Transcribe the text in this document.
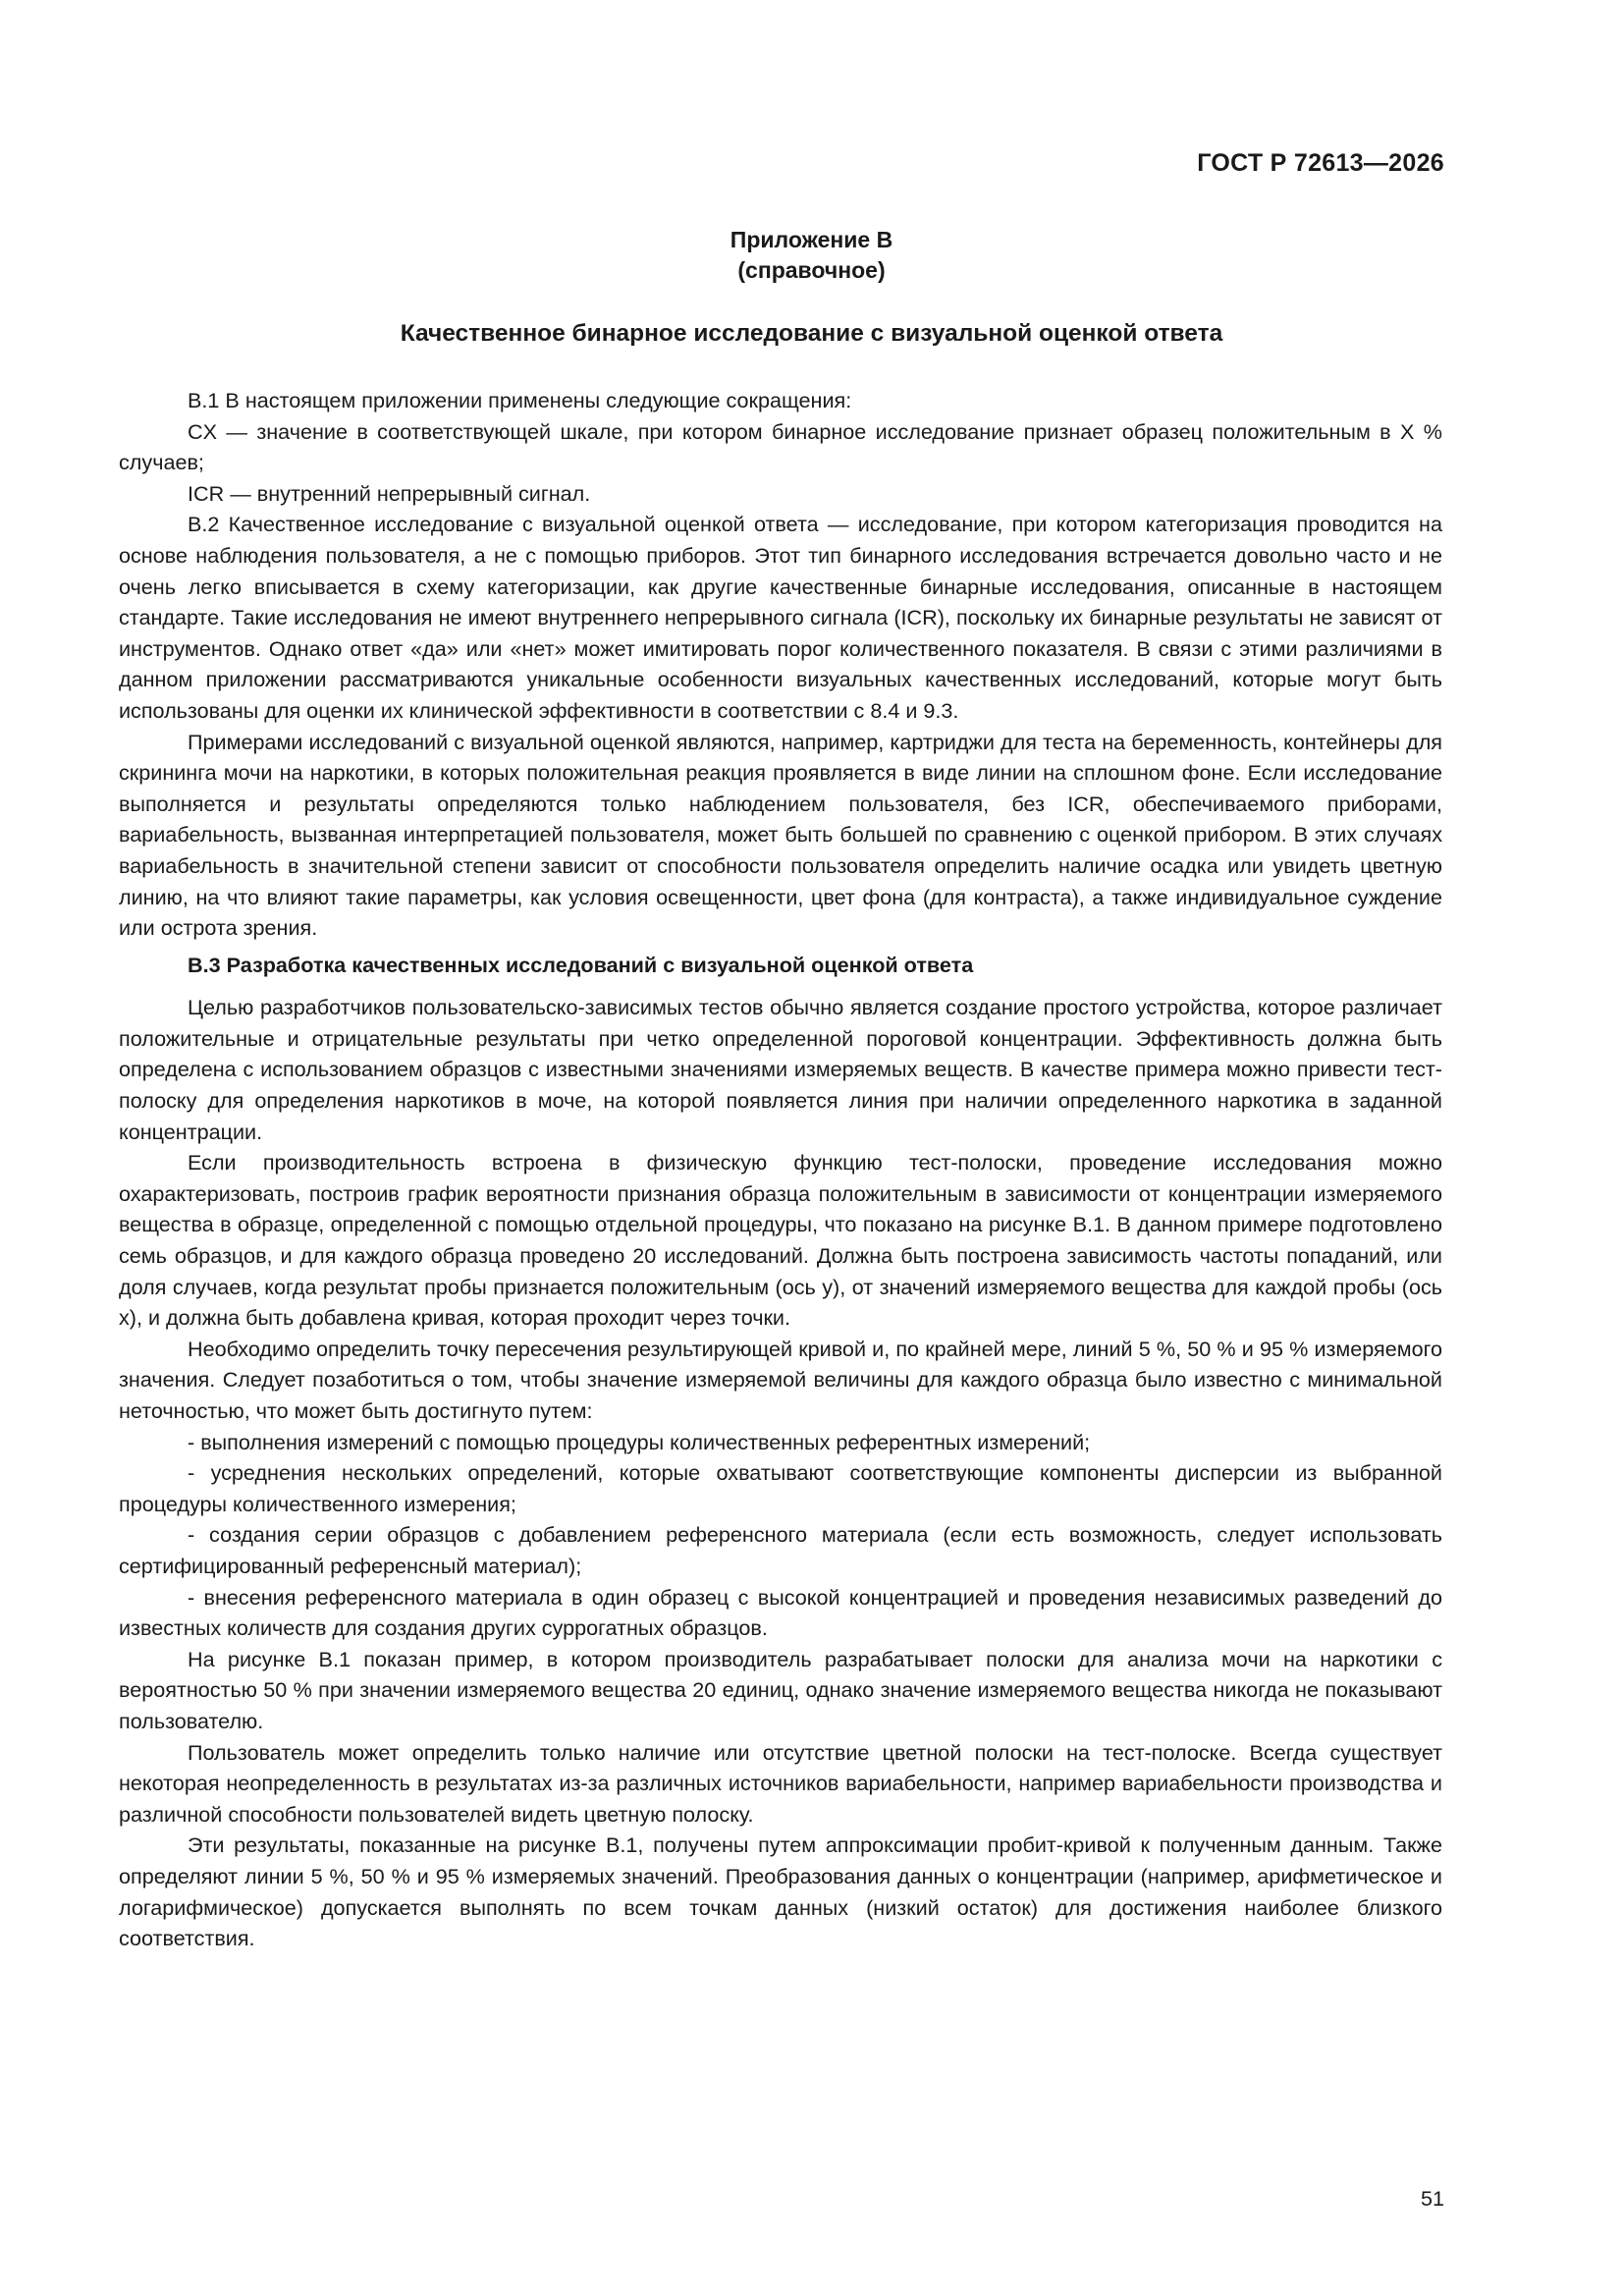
ГОСТ Р 72613—2026
Приложение В
(справочное)
Качественное бинарное исследование с визуальной оценкой ответа

В.1 В настоящем приложении применены следующие сокращения:

CX — значение в соответствующей шкале, при котором бинарное исследование признает образец положительным в X % случаев;

ICR — внутренний непрерывный сигнал.

В.2 Качественное исследование с визуальной оценкой ответа — исследование, при котором категоризация проводится на основе наблюдения пользователя, а не с помощью приборов. Этот тип бинарного исследования встречается довольно часто и не очень легко вписывается в схему категоризации, как другие качественные бинарные исследования, описанные в настоящем стандарте. Такие исследования не имеют внутреннего непрерывного сигнала (ICR), поскольку их бинарные результаты не зависят от инструментов. Однако ответ «да» или «нет» может имитировать порог количественного показателя. В связи с этими различиями в данном приложении рассматриваются уникальные особенности визуальных качественных исследований, которые могут быть использованы для оценки их клинической эффективности в соответствии с 8.4 и 9.3.

Примерами исследований с визуальной оценкой являются, например, картриджи для теста на беременность, контейнеры для скрининга мочи на наркотики, в которых положительная реакция проявляется в виде линии на сплошном фоне. Если исследование выполняется и результаты определяются только наблюдением пользователя, без ICR, обеспечиваемого приборами, вариабельность, вызванная интерпретацией пользователя, может быть большей по сравнению с оценкой прибором. В этих случаях вариабельность в значительной степени зависит от способности пользователя определить наличие осадка или увидеть цветную линию, на что влияют такие параметры, как условия освещенности, цвет фона (для контраста), а также индивидуальное суждение или острота зрения.

В.3 Разработка качественных исследований с визуальной оценкой ответа

Целью разработчиков пользовательско-зависимых тестов обычно является создание простого устройства, которое различает положительные и отрицательные результаты при четко определенной пороговой концентрации. Эффективность должна быть определена с использованием образцов с известными значениями измеряемых веществ. В качестве примера можно привести тест-полоску для определения наркотиков в моче, на которой появляется линия при наличии определенного наркотика в заданной концентрации.

Если производительность встроена в физическую функцию тест-полоски, проведение исследования можно охарактеризовать, построив график вероятности признания образца положительным в зависимости от концентрации измеряемого вещества в образце, определенной с помощью отдельной процедуры, что показано на рисунке В.1. В данном примере подготовлено семь образцов, и для каждого образца проведено 20 исследований. Должна быть построена зависимость частоты попаданий, или доля случаев, когда результат пробы признается положительным (ось y), от значений измеряемого вещества для каждой пробы (ось x), и должна быть добавлена кривая, которая проходит через точки.

Необходимо определить точку пересечения результирующей кривой и, по крайней мере, линий 5 %, 50 % и 95 % измеряемого значения. Следует позаботиться о том, чтобы значение измеряемой величины для каждого образца было известно с минимальной неточностью, что может быть достигнуто путем:

- выполнения измерений с помощью процедуры количественных референтных измерений;

- усреднения нескольких определений, которые охватывают соответствующие компоненты дисперсии из выбранной процедуры количественного измерения;

- создания серии образцов с добавлением референсного материала (если есть возможность, следует использовать сертифицированный референсный материал);

- внесения референсного материала в один образец с высокой концентрацией и проведения независимых разведений до известных количеств для создания других суррогатных образцов.

На рисунке В.1 показан пример, в котором производитель разрабатывает полоски для анализа мочи на наркотики с вероятностью 50 % при значении измеряемого вещества 20 единиц, однако значение измеряемого вещества никогда не показывают пользователю.

Пользователь может определить только наличие или отсутствие цветной полоски на тест-полоске. Всегда существует некоторая неопределенность в результатах из-за различных источников вариабельности, например вариабельности производства и различной способности пользователей видеть цветную полоску.

Эти результаты, показанные на рисунке В.1, получены путем аппроксимации пробит-кривой к полученным данным. Также определяют линии 5 %, 50 % и 95 % измеряемых значений. Преобразования данных о концентрации (например, арифметическое и логарифмическое) допускается выполнять по всем точкам данных (низкий остаток) для достижения наиболее близкого соответствия.

51
